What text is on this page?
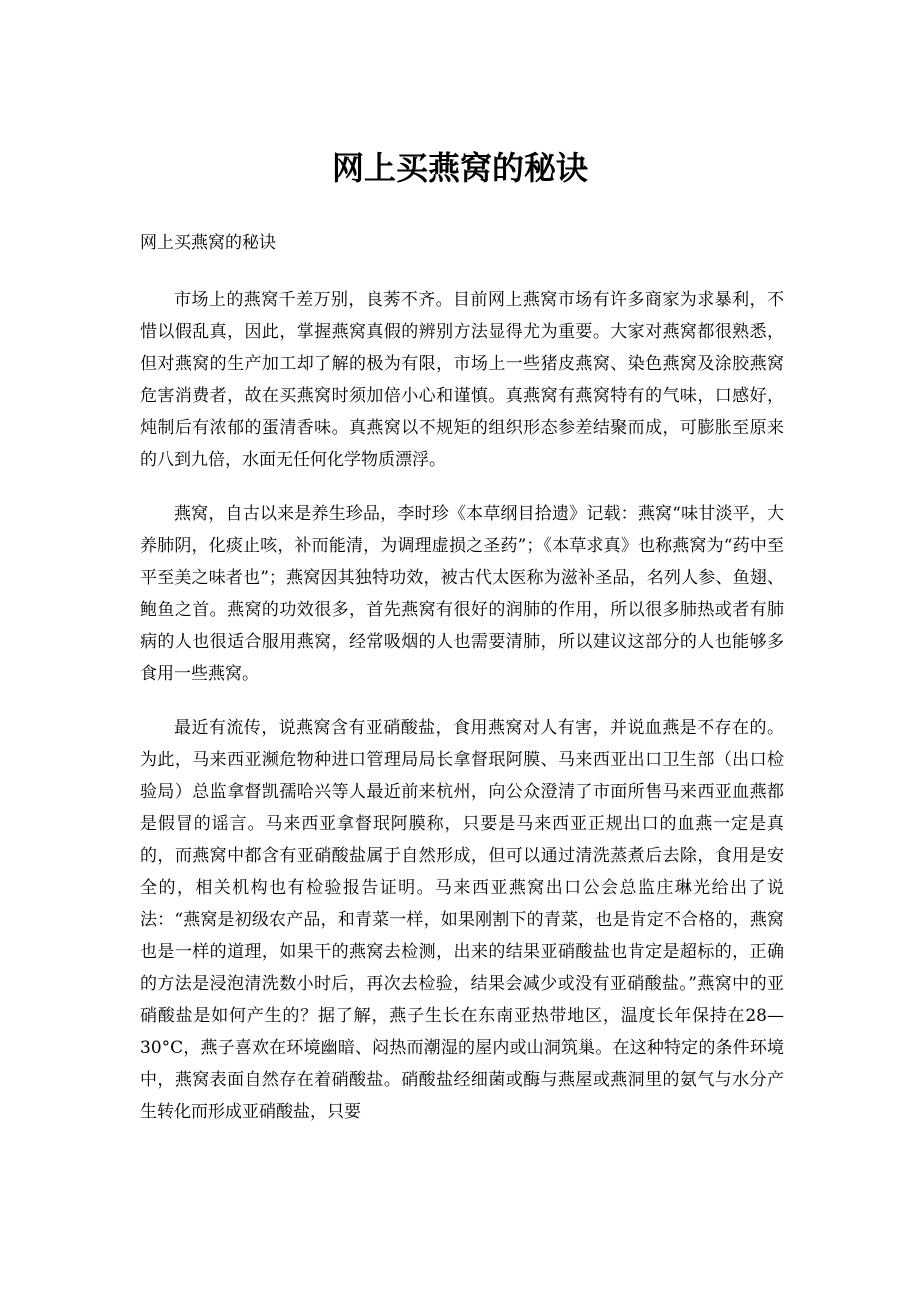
网上买燕窝的秘诀
网上买燕窝的秘诀

市场上的燕窝千差万别，良莠不齐。目前网上燕窝市场有许多商家为求暴利，不惜以假乱真，因此，掌握燕窝真假的辨别方法显得尤为重要。大家对燕窝都很熟悉，但对燕窝的生产加工却了解的极为有限，市场上一些猪皮燕窝、染色燕窝及涂胶燕窝危害消费者，故在买燕窝时须加倍小心和谨慎。真燕窝有燕窝特有的气味，口感好，炖制后有浓郁的蛋清香味。真燕窝以不规矩的组织形态参差结聚而成，可膨胀至原来的八到九倍，水面无任何化学物质漂浮。

燕窝，自古以来是养生珍品，李时珍《本草纲目拾遗》记载：燕窝“味甘淡平，大养肺阴，化痰止咳，补而能清，为调理虚损之圣药”；《本草求真》也称燕窝为“药中至平至美之味者也”；燕窝因其独特功效，被古代太医称为滋补圣品，名列人参、鱼翅、鲍鱼之首。燕窝的功效很多，首先燕窝有很好的润肺的作用，所以很多肺热或者有肺病的人也很适合服用燕窝，经常吸烟的人也需要清肺，所以建议这部分的人也能够多食用一些燕窝。

最近有流传，说燕窝含有亚硝酸盐，食用燕窝对人有害，并说血燕是不存在的。为此，马来西亚濒危物种进口管理局局长拿督珉阿膜、马来西亚出口卫生部（出口检验局）总监拿督凯孺哈兴等人最近前来杭州，向公众澄清了市面所售马来西亚血燕都是假冒的谣言。马来西亚拿督珉阿膜称，只要是马来西亚正规出口的血燕一定是真的，而燕窝中都含有亚硝酸盐属于自然形成，但可以通过清洗蒸煮后去除，食用是安全的，相关机构也有检验报告证明。马来西亚燕窝出口公会总监庄琳光给出了说法：“燕窝是初级农产品，和青菜一样，如果刚割下的青菜，也是肯定不合格的，燕窝也是一样的道理，如果干的燕窝去检测，出来的结果亚硝酸盐也肯定是超标的，正确的方法是浸泡清洗数小时后，再次去检验，结果会减少或没有亚硝酸盐。”燕窝中的亚硝酸盐是如何产生的？据了解，燕子生长在东南亚热带地区，温度长年保持在28—30°C，燕子喜欢在环境幽暗、闷热而潮湿的屋内或山洞筑巢。在这种特定的条件环境中，燕窝表面自然存在着硝酸盐。硝酸盐经细菌或酶与燕屋或燕洞里的氨气与水分产生转化而形成亚硝酸盐，只要
